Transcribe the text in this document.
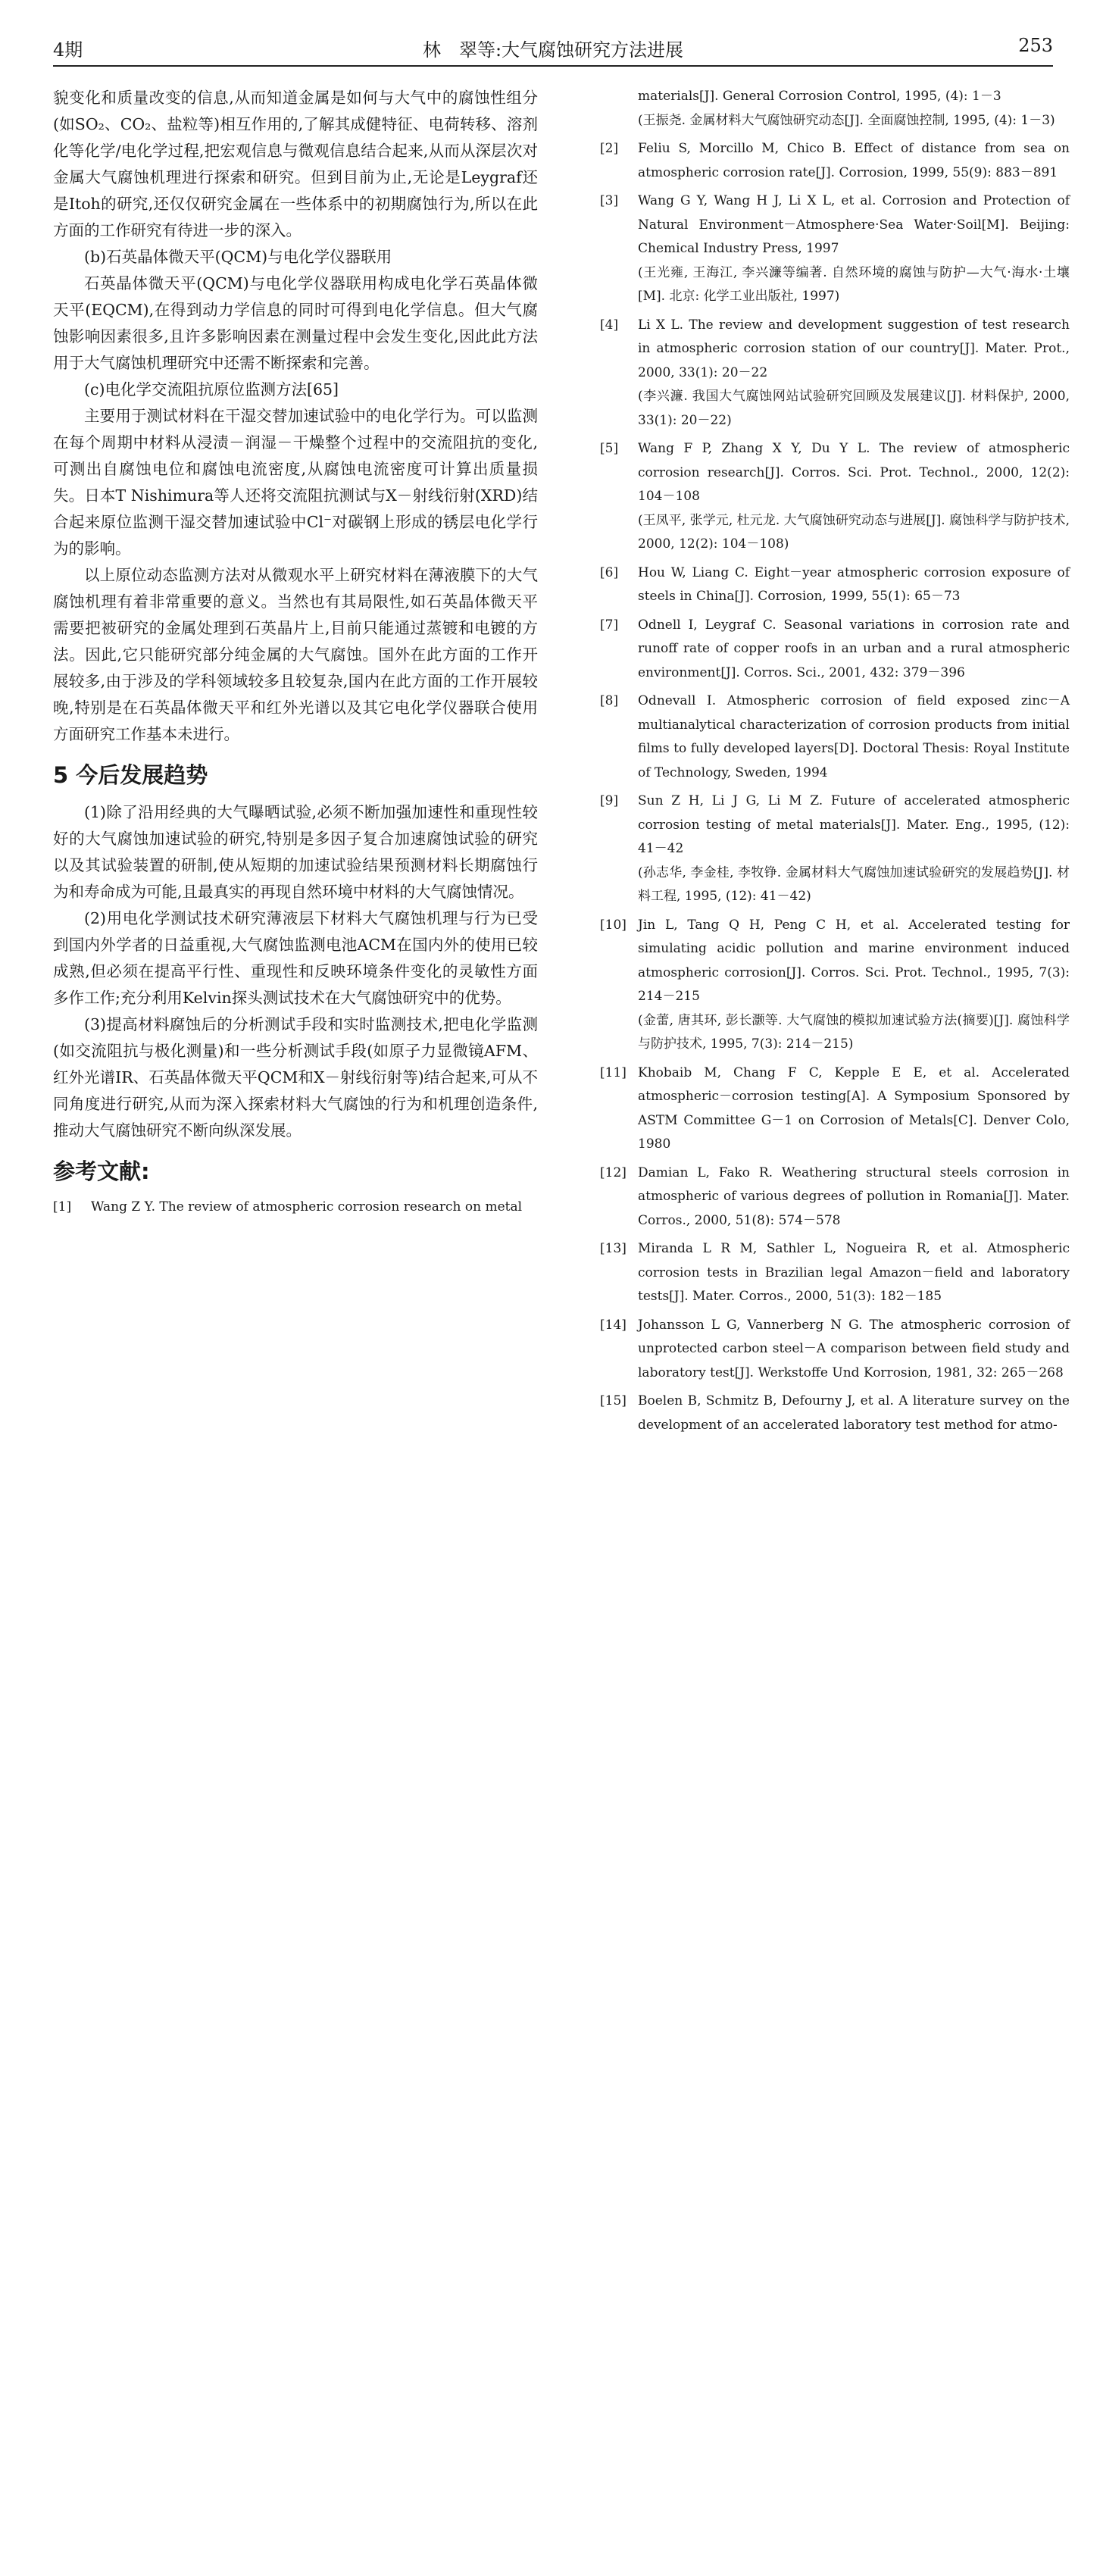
4期	林　翠等:大气腐蚀研究方法进展	253

貌变化和质量改变的信息,从而知道金属是如何与大气中的腐蚀性组分(如SO₂、CO₂、盐粒等)相互作用的,了解其成健特征、电荷转移、溶剂化等化学/电化学过程,把宏观信息与微观信息结合起来,从而从深层次对金属大气腐蚀机理进行探索和研究。但到目前为止,无论是Leygraf还是Itoh的研究,还仅仅研究金属在一些体系中的初期腐蚀行为,所以在此方面的工作研究有待进一步的深入。

(b)石英晶体微天平(QCM)与电化学仪器联用

石英晶体微天平(QCM)与电化学仪器联用构成电化学石英晶体微天平(EQCM),在得到动力学信息的同时可得到电化学信息。但大气腐蚀影响因素很多,且许多影响因素在测量过程中会发生变化,因此此方法用于大气腐蚀机理研究中还需不断探索和完善。

(c)电化学交流阻抗原位监测方法[65]

主要用于测试材料在干湿交替加速试验中的电化学行为。可以监测在每个周期中材料从浸渍－润湿－干燥整个过程中的交流阻抗的变化,可测出自腐蚀电位和腐蚀电流密度,从腐蚀电流密度可计算出质量损失。日本T Nishimura等人还将交流阻抗测试与X－射线衍射(XRD)结合起来原位监测干湿交替加速试验中Cl⁻对碳钢上形成的锈层电化学行为的影响。

以上原位动态监测方法对从微观水平上研究材料在薄液膜下的大气腐蚀机理有着非常重要的意义。当然也有其局限性,如石英晶体微天平需要把被研究的金属处理到石英晶片上,目前只能通过蒸镀和电镀的方法。因此,它只能研究部分纯金属的大气腐蚀。国外在此方面的工作开展较多,由于涉及的学科领域较多且较复杂,国内在此方面的工作开展较晚,特别是在石英晶体微天平和红外光谱以及其它电化学仪器联合使用方面研究工作基本未进行。

5 今后发展趋势

(1)除了沿用经典的大气曝晒试验,必须不断加强加速性和重现性较好的大气腐蚀加速试验的研究,特别是多因子复合加速腐蚀试验的研究以及其试验装置的研制,使从短期的加速试验结果预测材料长期腐蚀行为和寿命成为可能,且最真实的再现自然环境中材料的大气腐蚀情况。

(2)用电化学测试技术研究薄液层下材料大气腐蚀机理与行为已受到国内外学者的日益重视,大气腐蚀监测电池ACM在国内外的使用已较成熟,但必须在提高平行性、重现性和反映环境条件变化的灵敏性方面多作工作;充分利用Kelvin探头测试技术在大气腐蚀研究中的优势。

(3)提高材料腐蚀后的分析测试手段和实时监测技术,把电化学监测(如交流阻抗与极化测量)和一些分析测试手段(如原子力显微镜AFM、红外光谱IR、石英晶体微天平QCM和X－射线衍射等)结合起来,可从不同角度进行研究,从而为深入探索材料大气腐蚀的行为和机理创造条件,推动大气腐蚀研究不断向纵深发展。

参考文献:
[1]	Wang Z Y. The review of atmospheric corrosion research on metal
materials[J]. General Corrosion Control, 1995, (4): 1－3
(王振尧. 金属材料大气腐蚀研究动态[J]. 全面腐蚀控制, 1995, (4): 1－3)
[2]	Feliu S, Morcillo M, Chico B. Effect of distance from sea on atmospheric corrosion rate[J]. Corrosion, 1999, 55(9): 883－891
[3]	Wang G Y, Wang H J, Li X L, et al. Corrosion and Protection of Natural Environment－Atmosphere·Sea Water·Soil[M]. Beijing: Chemical Industry Press, 1997
(王光雍, 王海江, 李兴濂等编著. 自然环境的腐蚀与防护—大气·海水·土壤[M]. 北京: 化学工业出版社, 1997)
[4]	Li X L. The review and development suggestion of test research in atmospheric corrosion station of our country[J]. Mater. Prot., 2000, 33(1): 20－22
(李兴濂. 我国大气腐蚀网站试验研究回顾及发展建议[J]. 材料保护, 2000, 33(1): 20－22)
[5]	Wang F P, Zhang X Y, Du Y L. The review of atmospheric corrosion research[J]. Corros. Sci. Prot. Technol., 2000, 12(2): 104－108
(王凤平, 张学元, 杜元龙. 大气腐蚀研究动态与进展[J]. 腐蚀科学与防护技术, 2000, 12(2): 104－108)
[6]	Hou W, Liang C. Eight－year atmospheric corrosion exposure of steels in China[J]. Corrosion, 1999, 55(1): 65－73
[7]	Odnell I, Leygraf C. Seasonal variations in corrosion rate and runoff rate of copper roofs in an urban and a rural atmospheric environment[J]. Corros. Sci., 2001, 432: 379－396
[8]	Odnevall I. Atmospheric corrosion of field exposed zinc－A multianalytical characterization of corrosion products from initial films to fully developed layers[D]. Doctoral Thesis: Royal Institute of Technology, Sweden, 1994
[9]	Sun Z H, Li J G, Li M Z. Future of accelerated atmospheric corrosion testing of metal materials[J]. Mater. Eng., 1995, (12): 41－42
(孙志华, 李金桂, 李牧铮. 金属材料大气腐蚀加速试验研究的发展趋势[J]. 材料工程, 1995, (12): 41－42)
[10] Jin L, Tang Q H, Peng C H, et al. Accelerated testing for simulating acidic pollution and marine environment induced atmospheric corrosion[J]. Corros. Sci. Prot. Technol., 1995, 7(3): 214－215
(金蕾, 唐其环, 彭长灏等. 大气腐蚀的模拟加速试验方法(摘要)[J]. 腐蚀科学与防护技术, 1995, 7(3): 214－215)
[11] Khobaib M, Chang F C, Kepple E E, et al. Accelerated atmospheric－corrosion testing[A]. A Symposium Sponsored by ASTM Committee G－1 on Corrosion of Metals[C]. Denver Colo, 1980
[12] Damian L, Fako R. Weathering structural steels corrosion in atmospheric of various degrees of pollution in Romania[J]. Mater. Corros., 2000, 51(8): 574－578
[13] Miranda L R M, Sathler L, Nogueira R, et al. Atmospheric corrosion tests in Brazilian legal Amazon－field and laboratory tests[J]. Mater. Corros., 2000, 51(3): 182－185
[14] Johansson L G, Vannerberg N G. The atmospheric corrosion of unprotected carbon steel－A comparison between field study and laboratory test[J]. Werkstoffe Und Korrosion, 1981, 32: 265－268
[15] Boelen B, Schmitz B, Defourny J, et al. A literature survey on the development of an accelerated laboratory test method for atmo-
